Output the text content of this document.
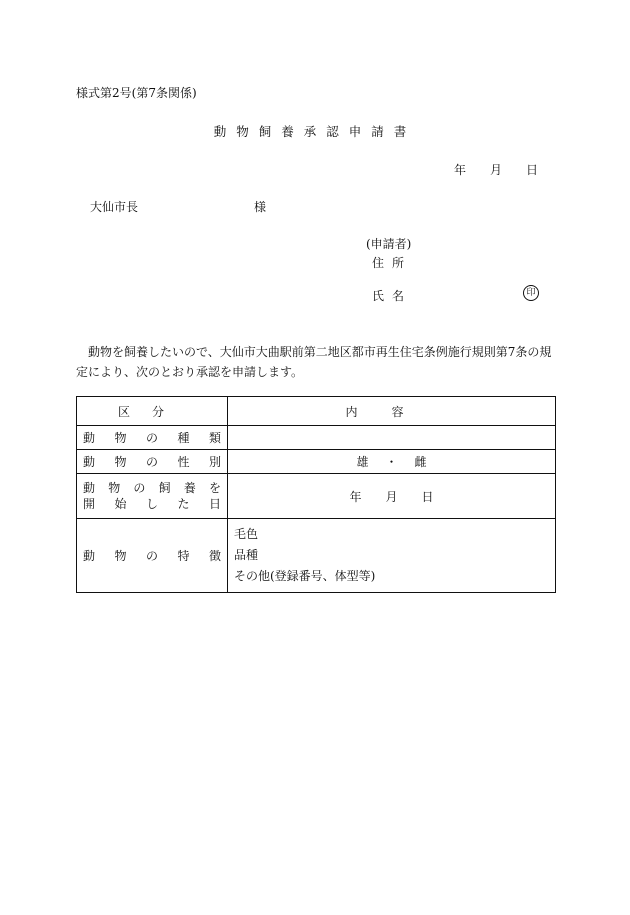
様式第2号(第7条関係)
動物飼養承認申請書
年 月 日
大仙市長	様
(申請者)
住所
氏名	印
動物を飼養したいので、大仙市大曲駅前第二地区都市再生住宅条例施行規則第7条の規定により、次のとおり承認を申請します。
区分	内容
動物の種類	
動物の性別	雄 ・ 雌

動物の飼養を
開始した日	年 月 日
動物の特徴	毛色
品種
その他(登録番号、体型等)
